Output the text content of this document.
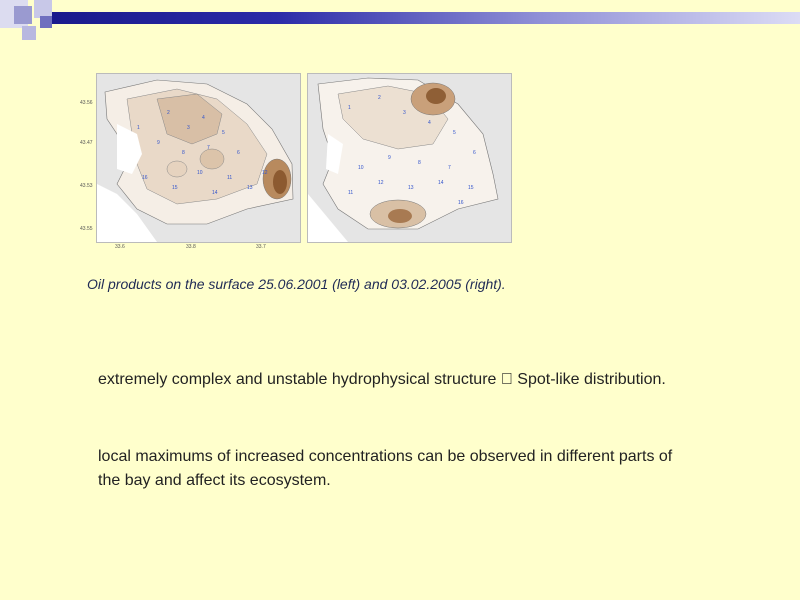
1
2
3
4
5
6
7
8
9
10
11
12
13
14
15
16
43.56
43.47
43.53
43.55
33.6	33.8	33.7
1
2
3
4
5
6
7
8
9
10
11
12
13
14
15
16
Oil products on the surface 25.06.2001 (left) and 03.02.2005 (right).
extremely complex and unstable hydrophysical structure Spot-like distribution.
local maximums of increased concentrations can be observed in different parts of the bay and affect its ecosystem.
